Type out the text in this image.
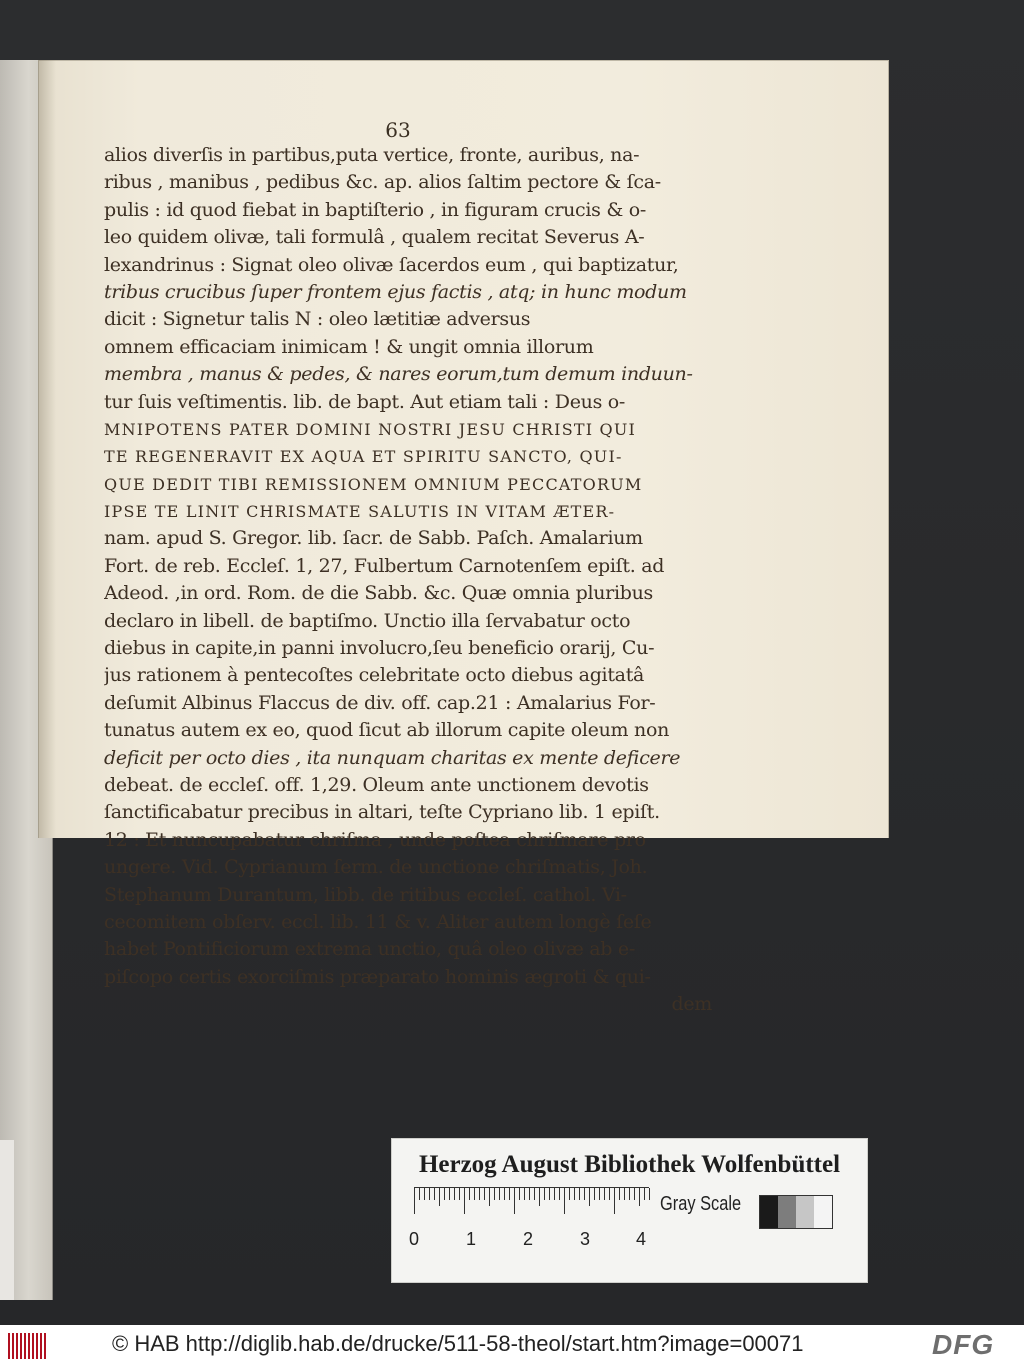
63
alios diverſis in partibus,puta vertice, fronte, auribus, na-
ribus , manibus , pedibus &c. ap. alios ſaltim pectore & ſca-
pulis : id quod fiebat in baptiſterio , in figuram crucis & o-
leo quidem olivæ, tali formulâ , qualem recitat Severus A-
lexandrinus : Signat oleo olivæ ſacerdos eum , qui baptizatur,
tribus crucibus ſuper frontem ejus factis , atq; in hunc modum
dicit : Signetur talis N : oleo lætitiæ adversus
omnem efficaciam inimicam ! & ungit omnia illorum
membra , manus & pedes, & nares eorum,tum demum induun-
tur ſuis veſtimentis. lib. de bapt. Aut etiam tali : Deus o-
MNIPOTENS PATER DOMINI NOSTRI JESU CHRISTI QUI
TE REGENERAVIT EX AQUA ET SPIRITU SANCTO, QUI-
QUE DEDIT TIBI REMISSIONEM OMNIUM PECCATORUM
IPSE TE LINIT CHRISMATE SALUTIS IN VITAM ÆTER-
nam. apud S. Gregor. lib. ſacr. de Sabb. Paſch. Amalarium
Fort. de reb. Eccleſ. 1, 27, Fulbertum Carnotenſem epiſt. ad
Adeod. ,in ord. Rom. de die Sabb. &c. Quæ omnia pluribus
declaro in libell. de baptiſmo. Unctio illa ſervabatur octo
diebus in capite,in panni involucro,ſeu beneficio orarij, Cu-
jus rationem à pentecoſtes celebritate octo diebus agitatâ
deſumit Albinus Flaccus de div. off. cap.21 : Amalarius For-
tunatus autem ex eo, quod ſicut ab illorum capite oleum non
deficit per octo dies , ita nunquam charitas ex mente deficere
debeat. de eccleſ. off. 1,29. Oleum ante unctionem devotis
ſanctificabatur precibus in altari, teſte Cypriano lib. 1 epiſt.
12 : Et nuncupabatur chriſma , unde poſtea chriſmare pro
ungere. Vid. Cyprianum ſerm. de unctione chriſmatis, Joh.
Stephanum Durantum, libb. de ritibus eccleſ. cathol. Vi-
cecomitem obſerv. eccl. lib. 11 & v. Aliter autem longè ſeſe
habet Pontificiorum extrema unctio, quâ oleo olivæ ab e-
piſcopo certis exorciſmis præparato hominis ægroti & qui-
dem
Herzog August Bibliothek Wolfenbüttel
0	1	2	3	4
Gray Scale
© HAB http://diglib.hab.de/drucke/511-58-theol/start.htm?image=00071	DFG
